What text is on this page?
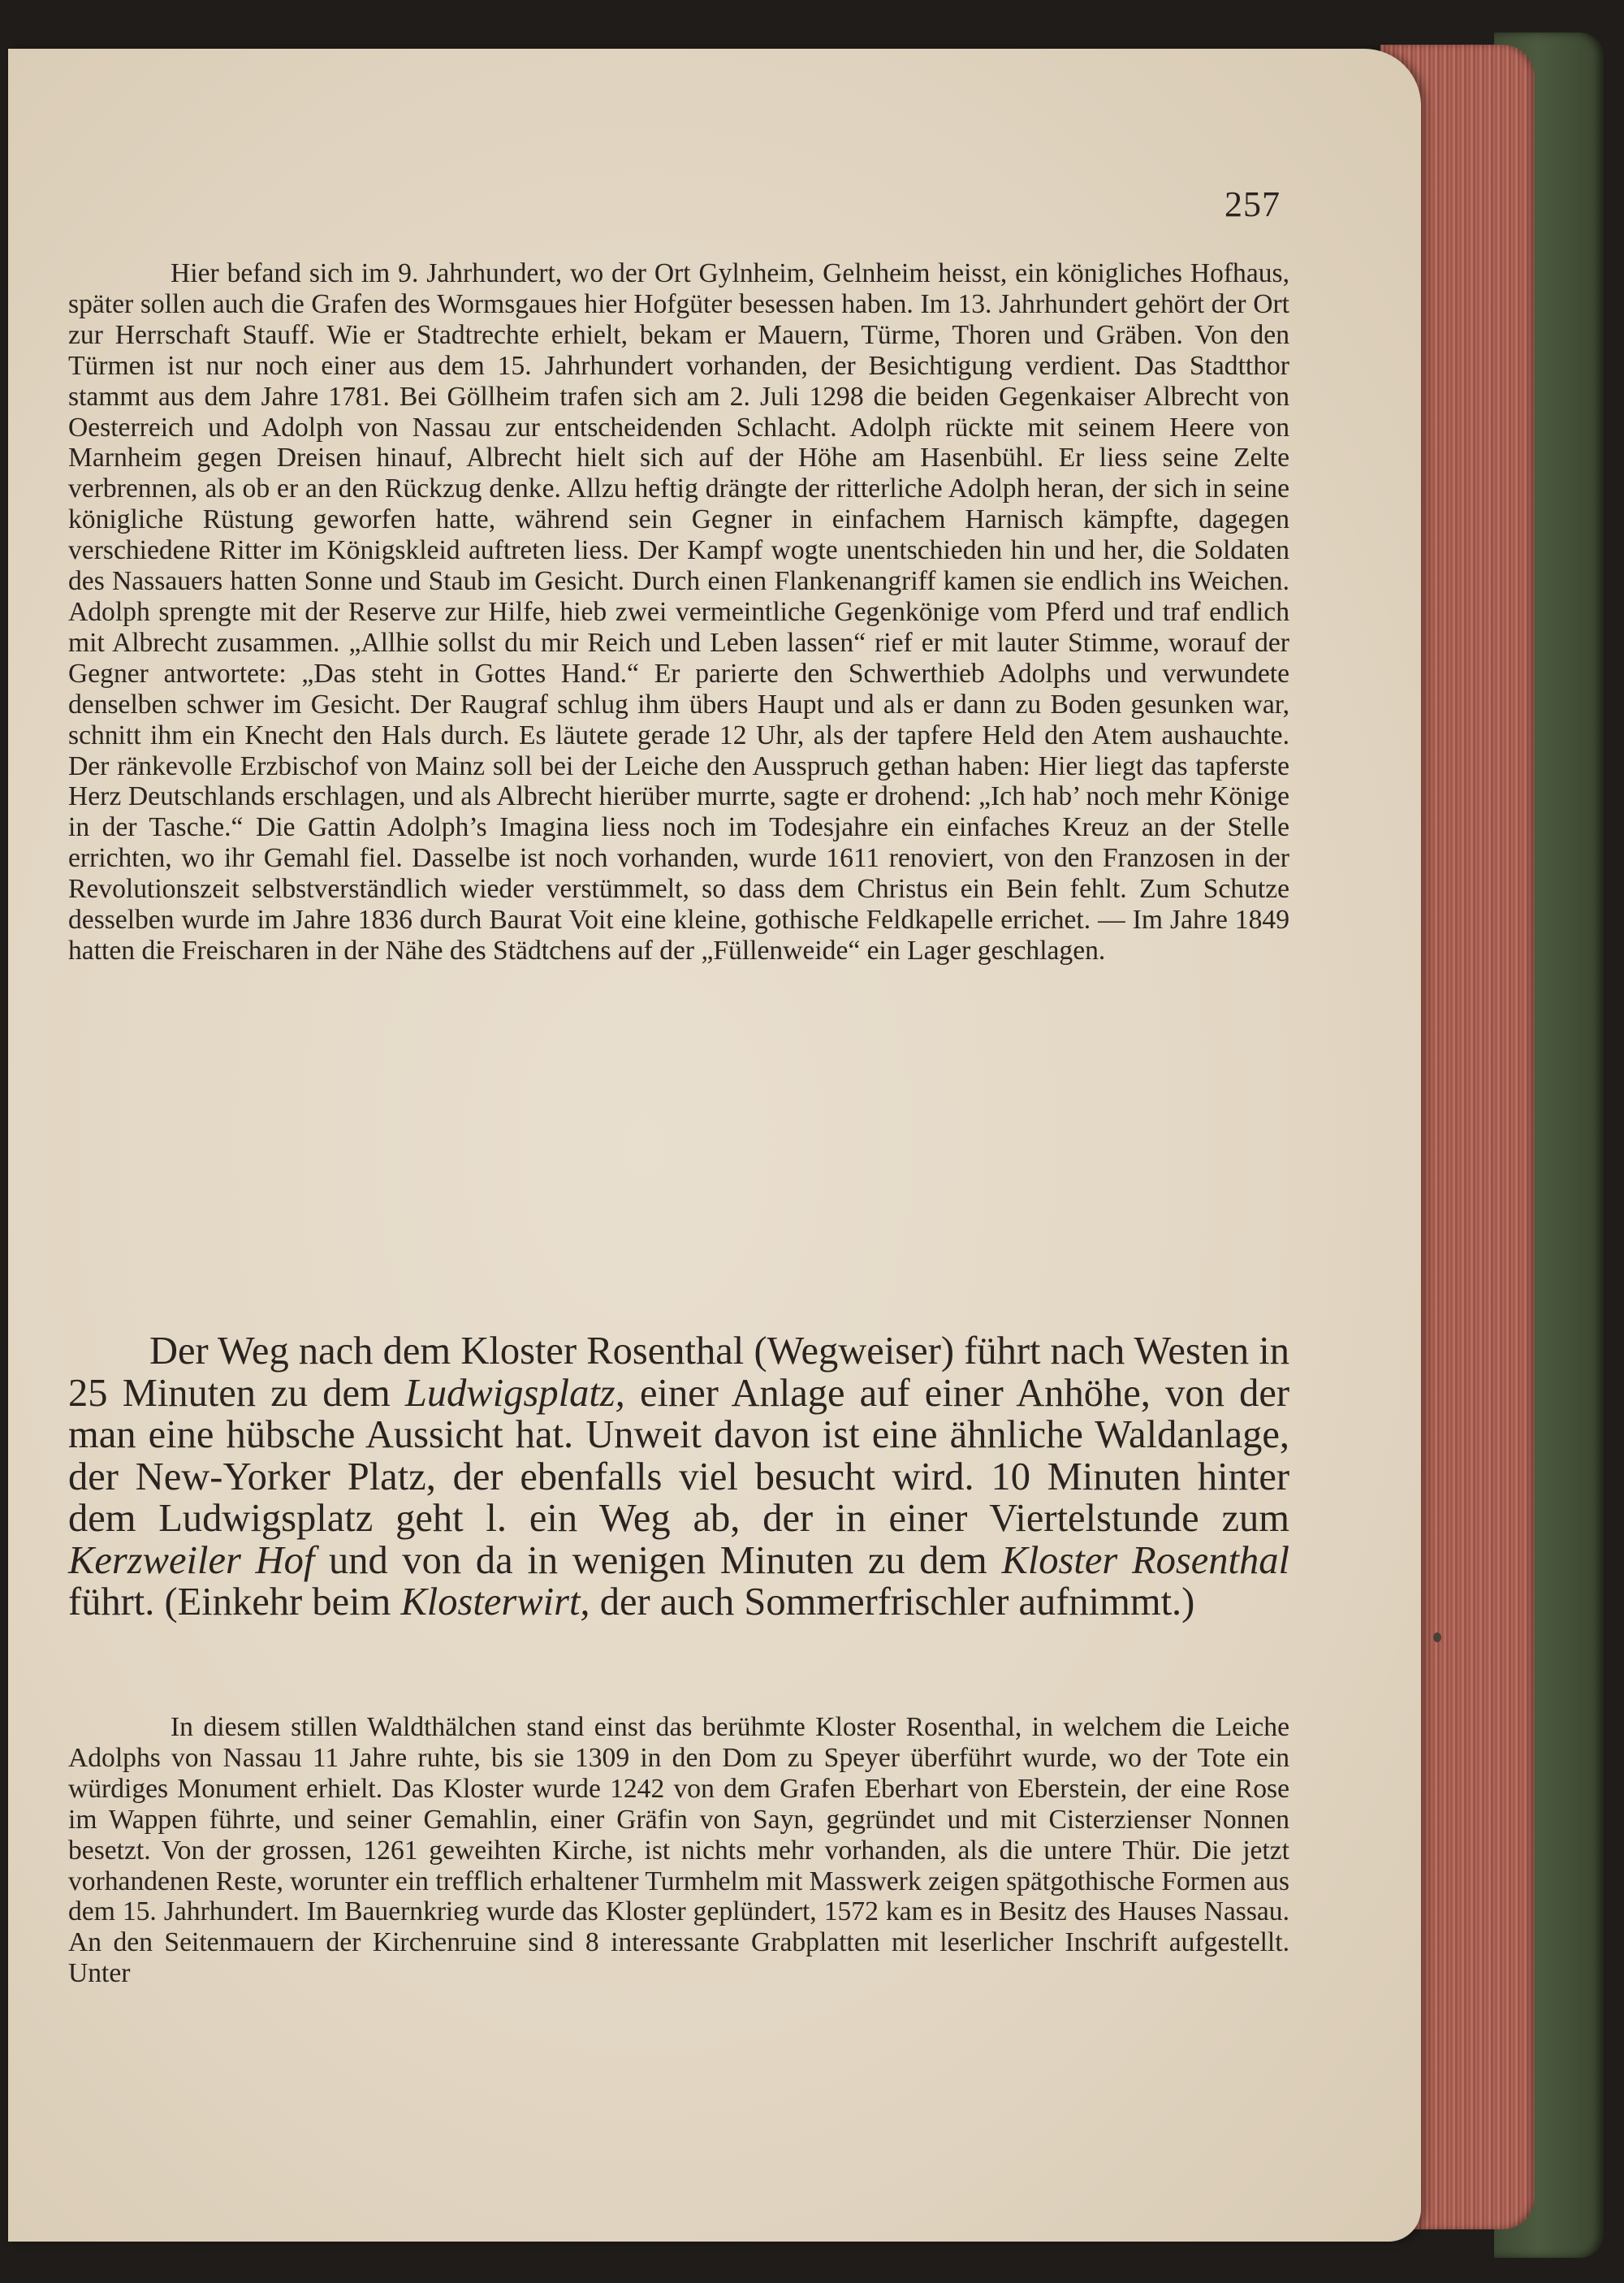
257

Hier befand sich im 9. Jahrhundert, wo der Ort Gylnheim, Gelnheim heisst, ein königliches Hofhaus, später sollen auch die Grafen des Wormsgaues hier Hofgüter besessen haben. Im 13. Jahrhundert gehört der Ort zur Herrschaft Stauff. Wie er Stadtrechte erhielt, bekam er Mauern, Türme, Thoren und Gräben. Von den Türmen ist nur noch einer aus dem 15. Jahrhundert vorhanden, der Besichtigung verdient. Das Stadtthor stammt aus dem Jahre 1781. Bei Göllheim trafen sich am 2. Juli 1298 die beiden Gegenkaiser Albrecht von Oesterreich und Adolph von Nassau zur entscheidenden Schlacht. Adolph rückte mit seinem Heere von Marnheim gegen Dreisen hinauf, Albrecht hielt sich auf der Höhe am Hasenbühl. Er liess seine Zelte verbrennen, als ob er an den Rückzug denke. Allzu heftig drängte der ritterliche Adolph heran, der sich in seine königliche Rüstung geworfen hatte, während sein Gegner in einfachem Harnisch kämpfte, dagegen verschiedene Ritter im Königskleid auftreten liess. Der Kampf wogte unentschieden hin und her, die Soldaten des Nassauers hatten Sonne und Staub im Gesicht. Durch einen Flankenangriff kamen sie endlich ins Weichen. Adolph sprengte mit der Reserve zur Hilfe, hieb zwei vermeintliche Gegenkönige vom Pferd und traf endlich mit Albrecht zusammen. „Allhie sollst du mir Reich und Leben lassen“ rief er mit lauter Stimme, worauf der Gegner antwortete: „Das steht in Gottes Hand.“ Er parierte den Schwerthieb Adolphs und verwundete denselben schwer im Gesicht. Der Raugraf schlug ihm übers Haupt und als er dann zu Boden gesunken war, schnitt ihm ein Knecht den Hals durch. Es läutete gerade 12 Uhr, als der tapfere Held den Atem aushauchte. Der ränkevolle Erzbischof von Mainz soll bei der Leiche den Ausspruch gethan haben: Hier liegt das tapferste Herz Deutschlands erschlagen, und als Albrecht hierüber murrte, sagte er drohend: „Ich hab’ noch mehr Könige in der Tasche.“ Die Gattin Adolph’s Imagina liess noch im Todesjahre ein einfaches Kreuz an der Stelle errichten, wo ihr Gemahl fiel. Dasselbe ist noch vorhanden, wurde 1611 renoviert, von den Franzosen in der Revolutionszeit selbstverständlich wieder verstümmelt, so dass dem Christus ein Bein fehlt. Zum Schutze desselben wurde im Jahre 1836 durch Baurat Voit eine kleine, gothische Feldkapelle errichet. — Im Jahre 1849 hatten die Freischaren in der Nähe des Städtchens auf der „Füllenweide“ ein Lager geschlagen.

Der Weg nach dem Kloster Rosenthal (Wegweiser) führt nach Westen in 25 Minuten zu dem Ludwigsplatz, einer Anlage auf einer Anhöhe, von der man eine hübsche Aussicht hat. Unweit davon ist eine ähnliche Waldanlage, der New-Yorker Platz, der ebenfalls viel besucht wird. 10 Minuten hinter dem Ludwigsplatz geht l. ein Weg ab, der in einer Viertelstunde zum Kerzweiler Hof und von da in wenigen Minuten zu dem Kloster Rosenthal führt. (Einkehr beim Klosterwirt, der auch Sommerfrischler aufnimmt.)

In diesem stillen Waldthälchen stand einst das berühmte Kloster Rosenthal, in welchem die Leiche Adolphs von Nassau 11 Jahre ruhte, bis sie 1309 in den Dom zu Speyer überführt wurde, wo der Tote ein würdiges Monument erhielt. Das Kloster wurde 1242 von dem Grafen Eberhart von Eberstein, der eine Rose im Wappen führte, und seiner Gemahlin, einer Gräfin von Sayn, gegründet und mit Cisterzienser Nonnen besetzt. Von der grossen, 1261 geweihten Kirche, ist nichts mehr vorhanden, als die untere Thür. Die jetzt vorhandenen Reste, worunter ein trefflich erhaltener Turmhelm mit Masswerk zeigen spätgothische Formen aus dem 15. Jahrhundert. Im Bauernkrieg wurde das Kloster geplündert, 1572 kam es in Besitz des Hauses Nassau. An den Seitenmauern der Kirchenruine sind 8 interessante Grabplatten mit leserlicher Inschrift aufgestellt. Unter
